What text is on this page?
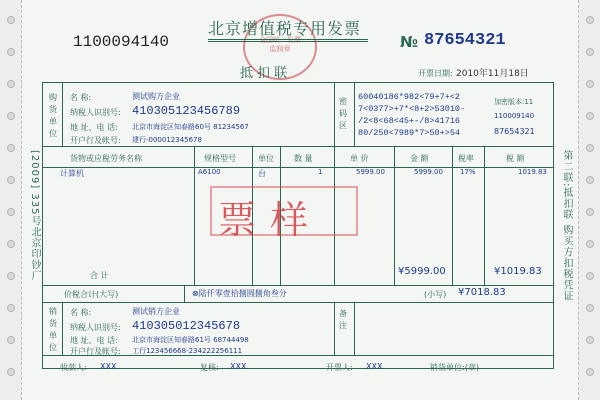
[2009] 335号北京印钞厂	第二联:抵扣联 购买方扣税凭证
1100094140	全国统一发票监制章
北京增值税专用发票
抵扣联
№ 87654321
开票日期: 2010年11月18日
购货单位
名 称:	测试购方企业
纳税人识别号: 410305123456789
地 址、电 话: 北京市海淀区知春路60号 81234567
开户行及帐号: 建行-000012345678
密码区
60040186*982<79+7+<2
7<0377>+7*<8+2>53010-
/2<8<68<45+-/8>41716
80/250<7989*7>50+>54
加密版本:11
110009140
87654321
货物或应税劳务名称	规格型号	单位	数 量	单 价	金 额	税率	税 额
计算机	A6100	台	1	5999.00	5999.00 17%	1019.83
票样
合 计	¥5999.00	¥1019.83
价税合计(大写)	⊗陆仟零壹拾捌圆捌角叁分	(小写) ¥7018.83
销货单位
名 称:	测试销方企业
纳税人识别号: 410305012345678
地 址、电 话: 北京市海淀区知春路61号 68744498
开户行及帐号: 工行123456668-234222256111
备注
收款人: XXX	复核: XXX	开票人: XXX	销货单位:(章)
